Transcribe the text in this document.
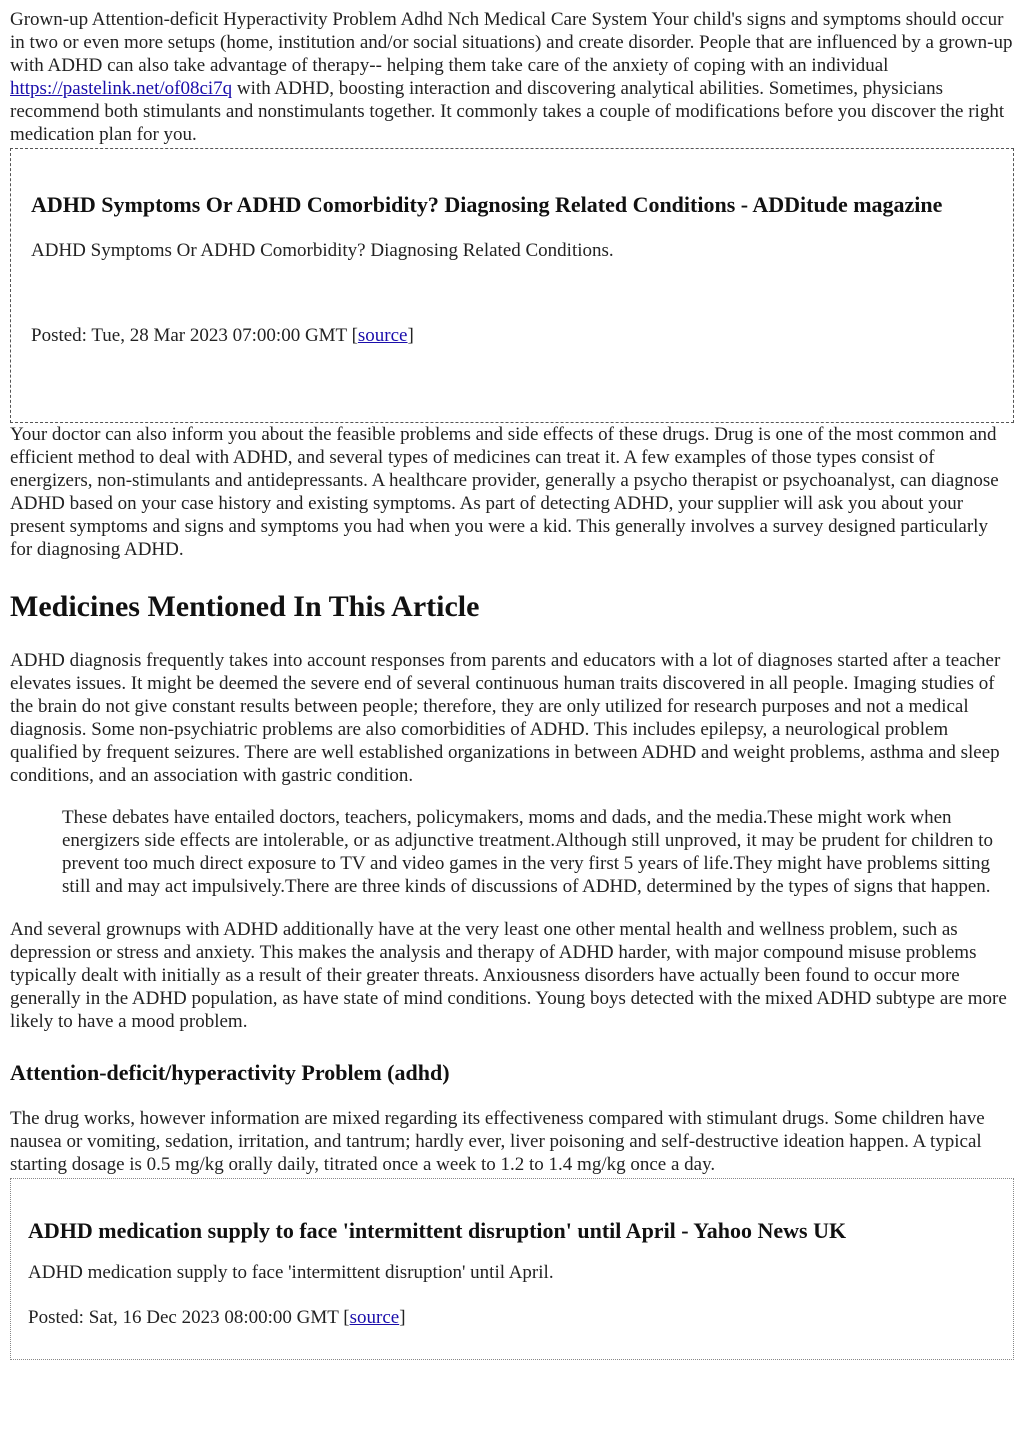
Grown-up Attention-deficit Hyperactivity Problem Adhd Nch Medical Care System Your child's signs and symptoms should occur in two or even more setups (home, institution and/or social situations) and create disorder. People that are influenced by a grown-up with ADHD can also take advantage of therapy-- helping them take care of the anxiety of coping with an individual https://pastelink.net/of08ci7q with ADHD, boosting interaction and discovering analytical abilities. Sometimes, physicians recommend both stimulants and nonstimulants together. It commonly takes a couple of modifications before you discover the right medication plan for you.

ADHD Symptoms Or ADHD Comorbidity? Diagnosing Related Conditions - ADDitude magazine

ADHD Symptoms Or ADHD Comorbidity? Diagnosing Related Conditions.

Posted: Tue, 28 Mar 2023 07:00:00 GMT [source]

Your doctor can also inform you about the feasible problems and side effects of these drugs. Drug is one of the most common and efficient method to deal with ADHD, and several types of medicines can treat it. A few examples of those types consist of energizers, non-stimulants and antidepressants. A healthcare provider, generally a psycho therapist or psychoanalyst, can diagnose ADHD based on your case history and existing symptoms. As part of detecting ADHD, your supplier will ask you about your present symptoms and signs and symptoms you had when you were a kid. This generally involves a survey designed particularly for diagnosing ADHD.

Medicines Mentioned In This Article

ADHD diagnosis frequently takes into account responses from parents and educators with a lot of diagnoses started after a teacher elevates issues. It might be deemed the severe end of several continuous human traits discovered in all people. Imaging studies of the brain do not give constant results between people; therefore, they are only utilized for research purposes and not a medical diagnosis. Some non-psychiatric problems are also comorbidities of ADHD. This includes epilepsy, a neurological problem qualified by frequent seizures. There are well established organizations in between ADHD and weight problems, asthma and sleep conditions, and an association with gastric condition.

These debates have entailed doctors, teachers, policymakers, moms and dads, and the media.These might work when energizers side effects are intolerable, or as adjunctive treatment.Although still unproved, it may be prudent for children to prevent too much direct exposure to TV and video games in the very first 5 years of life.They might have problems sitting still and may act impulsively.There are three kinds of discussions of ADHD, determined by the types of signs that happen.

And several grownups with ADHD additionally have at the very least one other mental health and wellness problem, such as depression or stress and anxiety. This makes the analysis and therapy of ADHD harder, with major compound misuse problems typically dealt with initially as a result of their greater threats. Anxiousness disorders have actually been found to occur more generally in the ADHD population, as have state of mind conditions. Young boys detected with the mixed ADHD subtype are more likely to have a mood problem.

Attention-deficit/hyperactivity Problem (adhd)

The drug works, however information are mixed regarding its effectiveness compared with stimulant drugs. Some children have nausea or vomiting, sedation, irritation, and tantrum; hardly ever, liver poisoning and self-destructive ideation happen. A typical starting dosage is 0.5 mg/kg orally daily, titrated once a week to 1.2 to 1.4 mg/kg once a day.

ADHD medication supply to face 'intermittent disruption' until April - Yahoo News UK

ADHD medication supply to face 'intermittent disruption' until April.

Posted: Sat, 16 Dec 2023 08:00:00 GMT [source]
